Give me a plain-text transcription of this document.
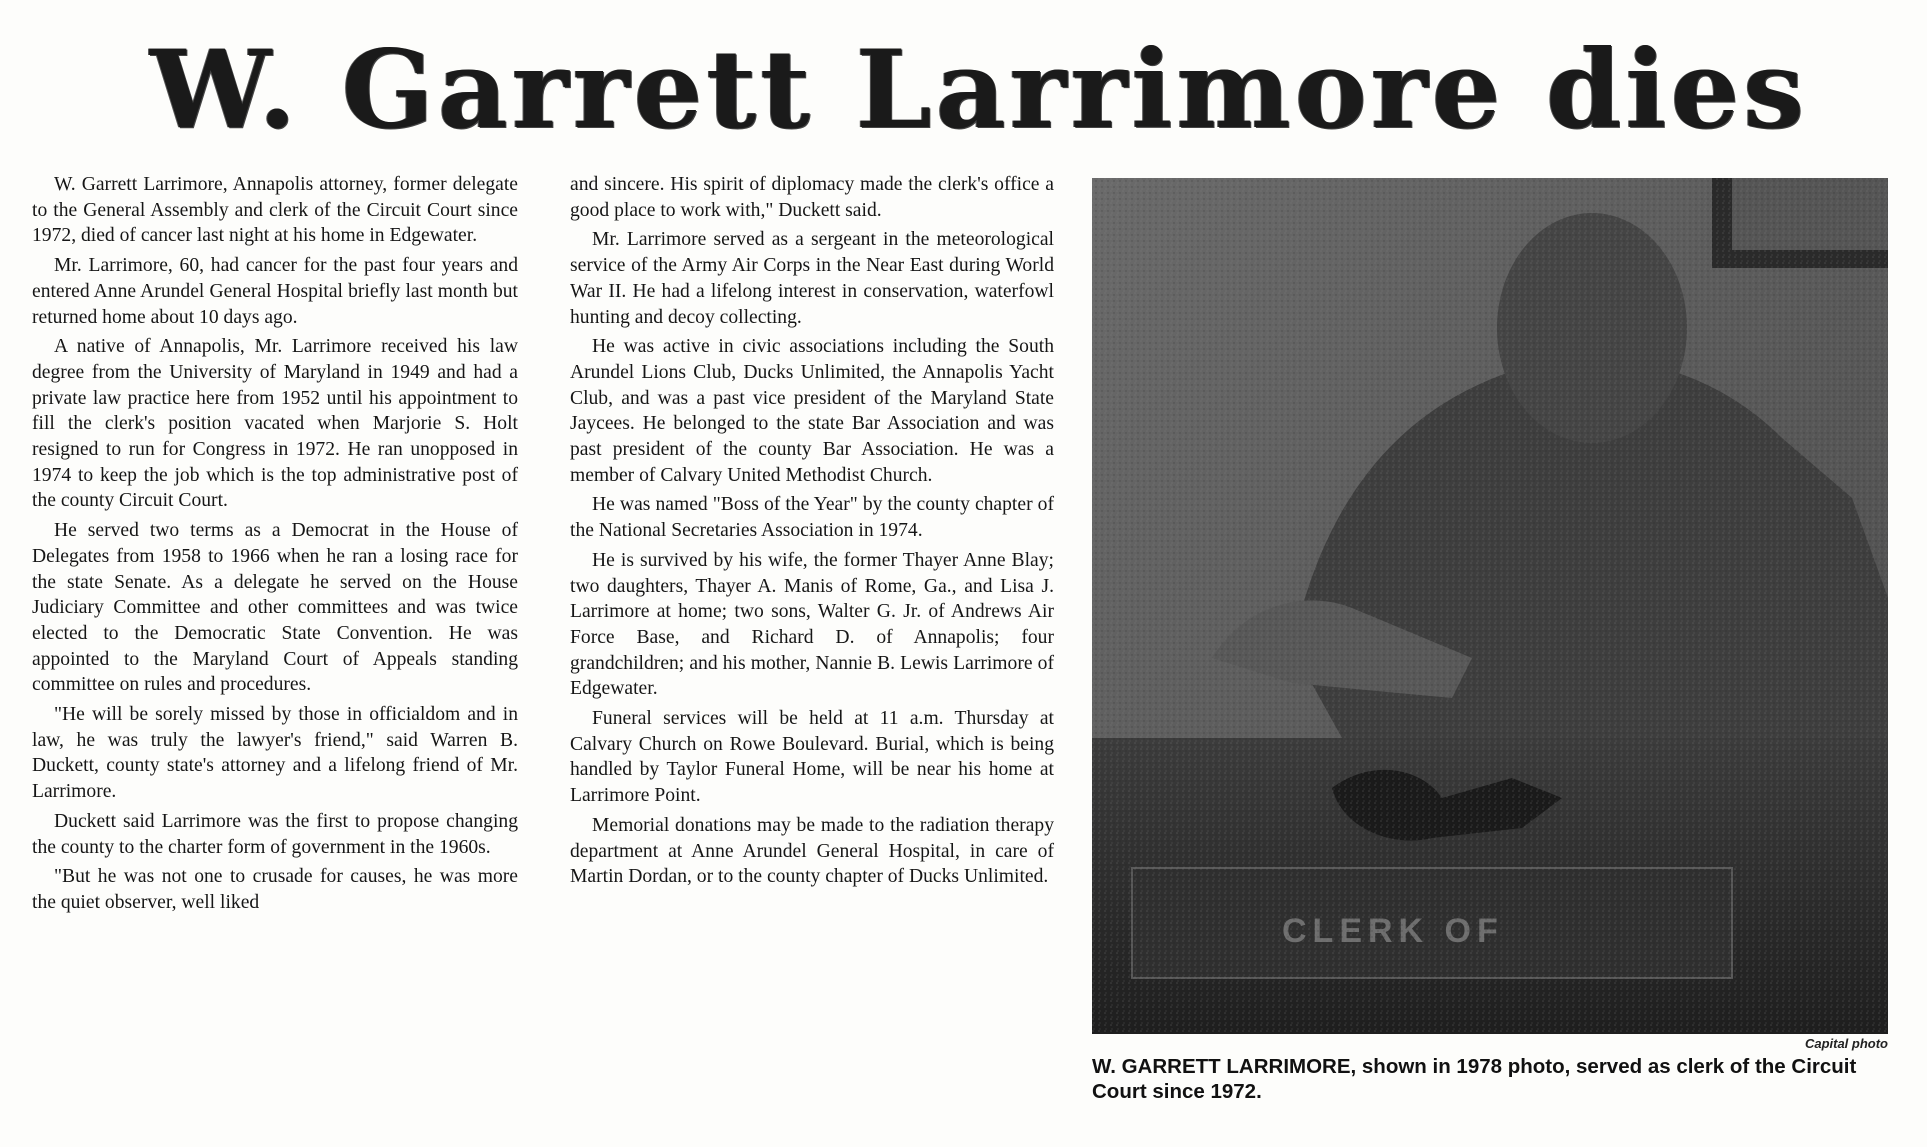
W. Garrett Larrimore dies

W. Garrett Larrimore, Annapolis attorney, former delegate to the General Assembly and clerk of the Circuit Court since 1972, died of cancer last night at his home in Edgewater.

Mr. Larrimore, 60, had cancer for the past four years and entered Anne Arundel General Hospital briefly last month but returned home about 10 days ago.

A native of Annapolis, Mr. Larrimore received his law degree from the University of Maryland in 1949 and had a private law practice here from 1952 until his appointment to fill the clerk's position vacated when Marjorie S. Holt resigned to run for Congress in 1972. He ran unopposed in 1974 to keep the job which is the top administrative post of the county Circuit Court.

He served two terms as a Democrat in the House of Delegates from 1958 to 1966 when he ran a losing race for the state Senate. As a delegate he served on the House Judiciary Committee and other committees and was twice elected to the Democratic State Convention. He was appointed to the Maryland Court of Appeals standing committee on rules and procedures.

"He will be sorely missed by those in officialdom and in law, he was truly the lawyer's friend," said Warren B. Duckett, county state's attorney and a lifelong friend of Mr. Larrimore.

Duckett said Larrimore was the first to propose changing the county to the charter form of government in the 1960s.

"But he was not one to crusade for causes, he was more the quiet observer, well liked

and sincere. His spirit of diplomacy made the clerk's office a good place to work with," Duckett said.

Mr. Larrimore served as a sergeant in the meteorological service of the Army Air Corps in the Near East during World War II. He had a lifelong interest in conservation, waterfowl hunting and decoy collecting.

He was active in civic associations including the South Arundel Lions Club, Ducks Unlimited, the Annapolis Yacht Club, and was a past vice president of the Maryland State Jaycees. He belonged to the state Bar Association and was past president of the county Bar Association. He was a member of Calvary United Methodist Church.

He was named "Boss of the Year" by the county chapter of the National Secretaries Association in 1974.

He is survived by his wife, the former Thayer Anne Blay; two daughters, Thayer A. Manis of Rome, Ga., and Lisa J. Larrimore at home; two sons, Walter G. Jr. of Andrews Air Force Base, and Richard D. of Annapolis; four grandchildren; and his mother, Nannie B. Lewis Larrimore of Edgewater.

Funeral services will be held at 11 a.m. Thursday at Calvary Church on Rowe Boulevard. Burial, which is being handled by Taylor Funeral Home, will be near his home at Larrimore Point.

Memorial donations may be made to the radiation therapy department at Anne Arundel General Hospital, in care of Martin Dordan, or to the county chapter of Ducks Unlimited.

Capital photo

W. GARRETT LARRIMORE, shown in 1978 photo, served as clerk of the Circuit Court since 1972.
